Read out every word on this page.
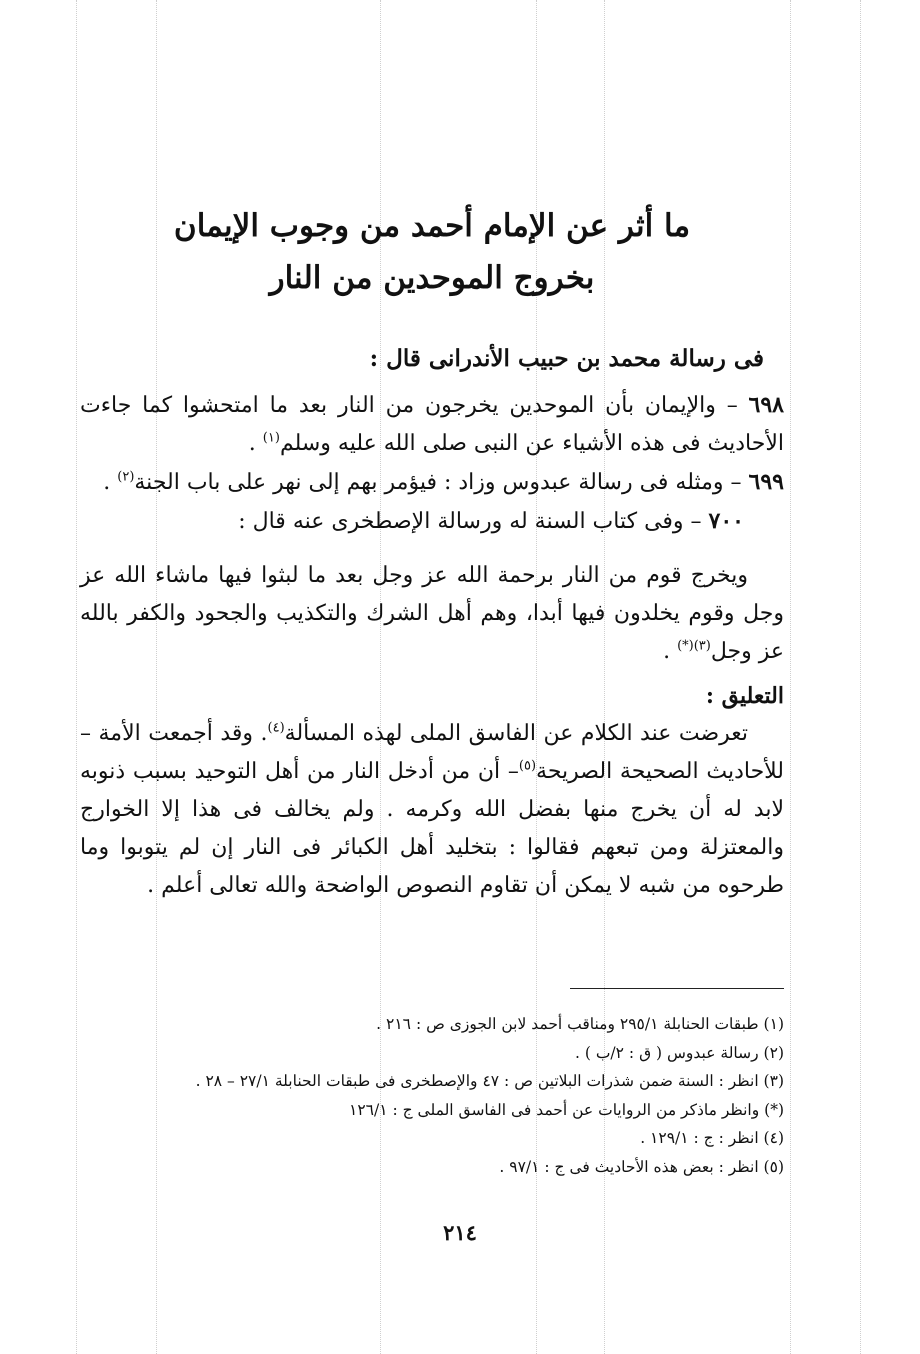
ما أثر عن الإمام أحمد من وجوب الإيمان
بخروج الموحدين من النار
فى رسالة محمد بن حبيب الأندرانى قال :

٦٩٨ – والإيمان بأن الموحدين يخرجون من النار بعد ما امتحشوا كما جاءت الأحاديث فى هذه الأشياء عن النبى صلى الله عليه وسلم$^{(١)}$ .

٦٩٩ – ومثله فى رسالة عبدوس وزاد : فيؤمر بهم إلى نهر على باب الجنة$^{(٢)}$ .

٧٠٠ – وفى كتاب السنة له ورسالة الإصطخرى عنه قال :

ويخرج قوم من النار برحمة الله عز وجل بعد ما لبثوا فيها ماشاء الله عز وجل وقوم يخلدون فيها أبدا، وهم أهل الشرك والتكذيب والجحود والكفر بالله عز وجل$^{(٣)(*)}$ .

التعليق :

تعرضت عند الكلام عن الفاسق الملى لهذه المسألة$^{(٤)}$. وقد أجمعت الأمة – للأحاديث الصحيحة الصريحة$^{(٥)}$– أن من أدخل النار من أهل التوحيد بسبب ذنوبه لابد له أن يخرج منها بفضل الله وكرمه . ولم يخالف فى هذا إلا الخوارج والمعتزلة ومن تبعهم فقالوا : بتخليد أهل الكبائر فى النار إن لم يتوبوا وما طرحوه من شبه لا يمكن أن تقاوم النصوص الواضحة والله تعالى أعلم .

(١) طبقات الحنابلة ٢٩٥/١ ومناقب أحمد لابن الجوزى ص : ٢١٦ .
(٢) رسالة عبدوس ( ق : ٢/ب ) .
(٣) انظر : السنة ضمن شذرات البلاتين ص : ٤٧ والإصطخرى فى طبقات الحنابلة ٢٧/١ – ٢٨ .
(*) وانظر ماذكر من الروايات عن أحمد فى الفاسق الملى ج : ١٢٦/١
(٤) انظر : ج : ١٢٩/١ .
(٥) انظر : بعض هذه الأحاديث فى ج : ٩٧/١ .
٢١٤
